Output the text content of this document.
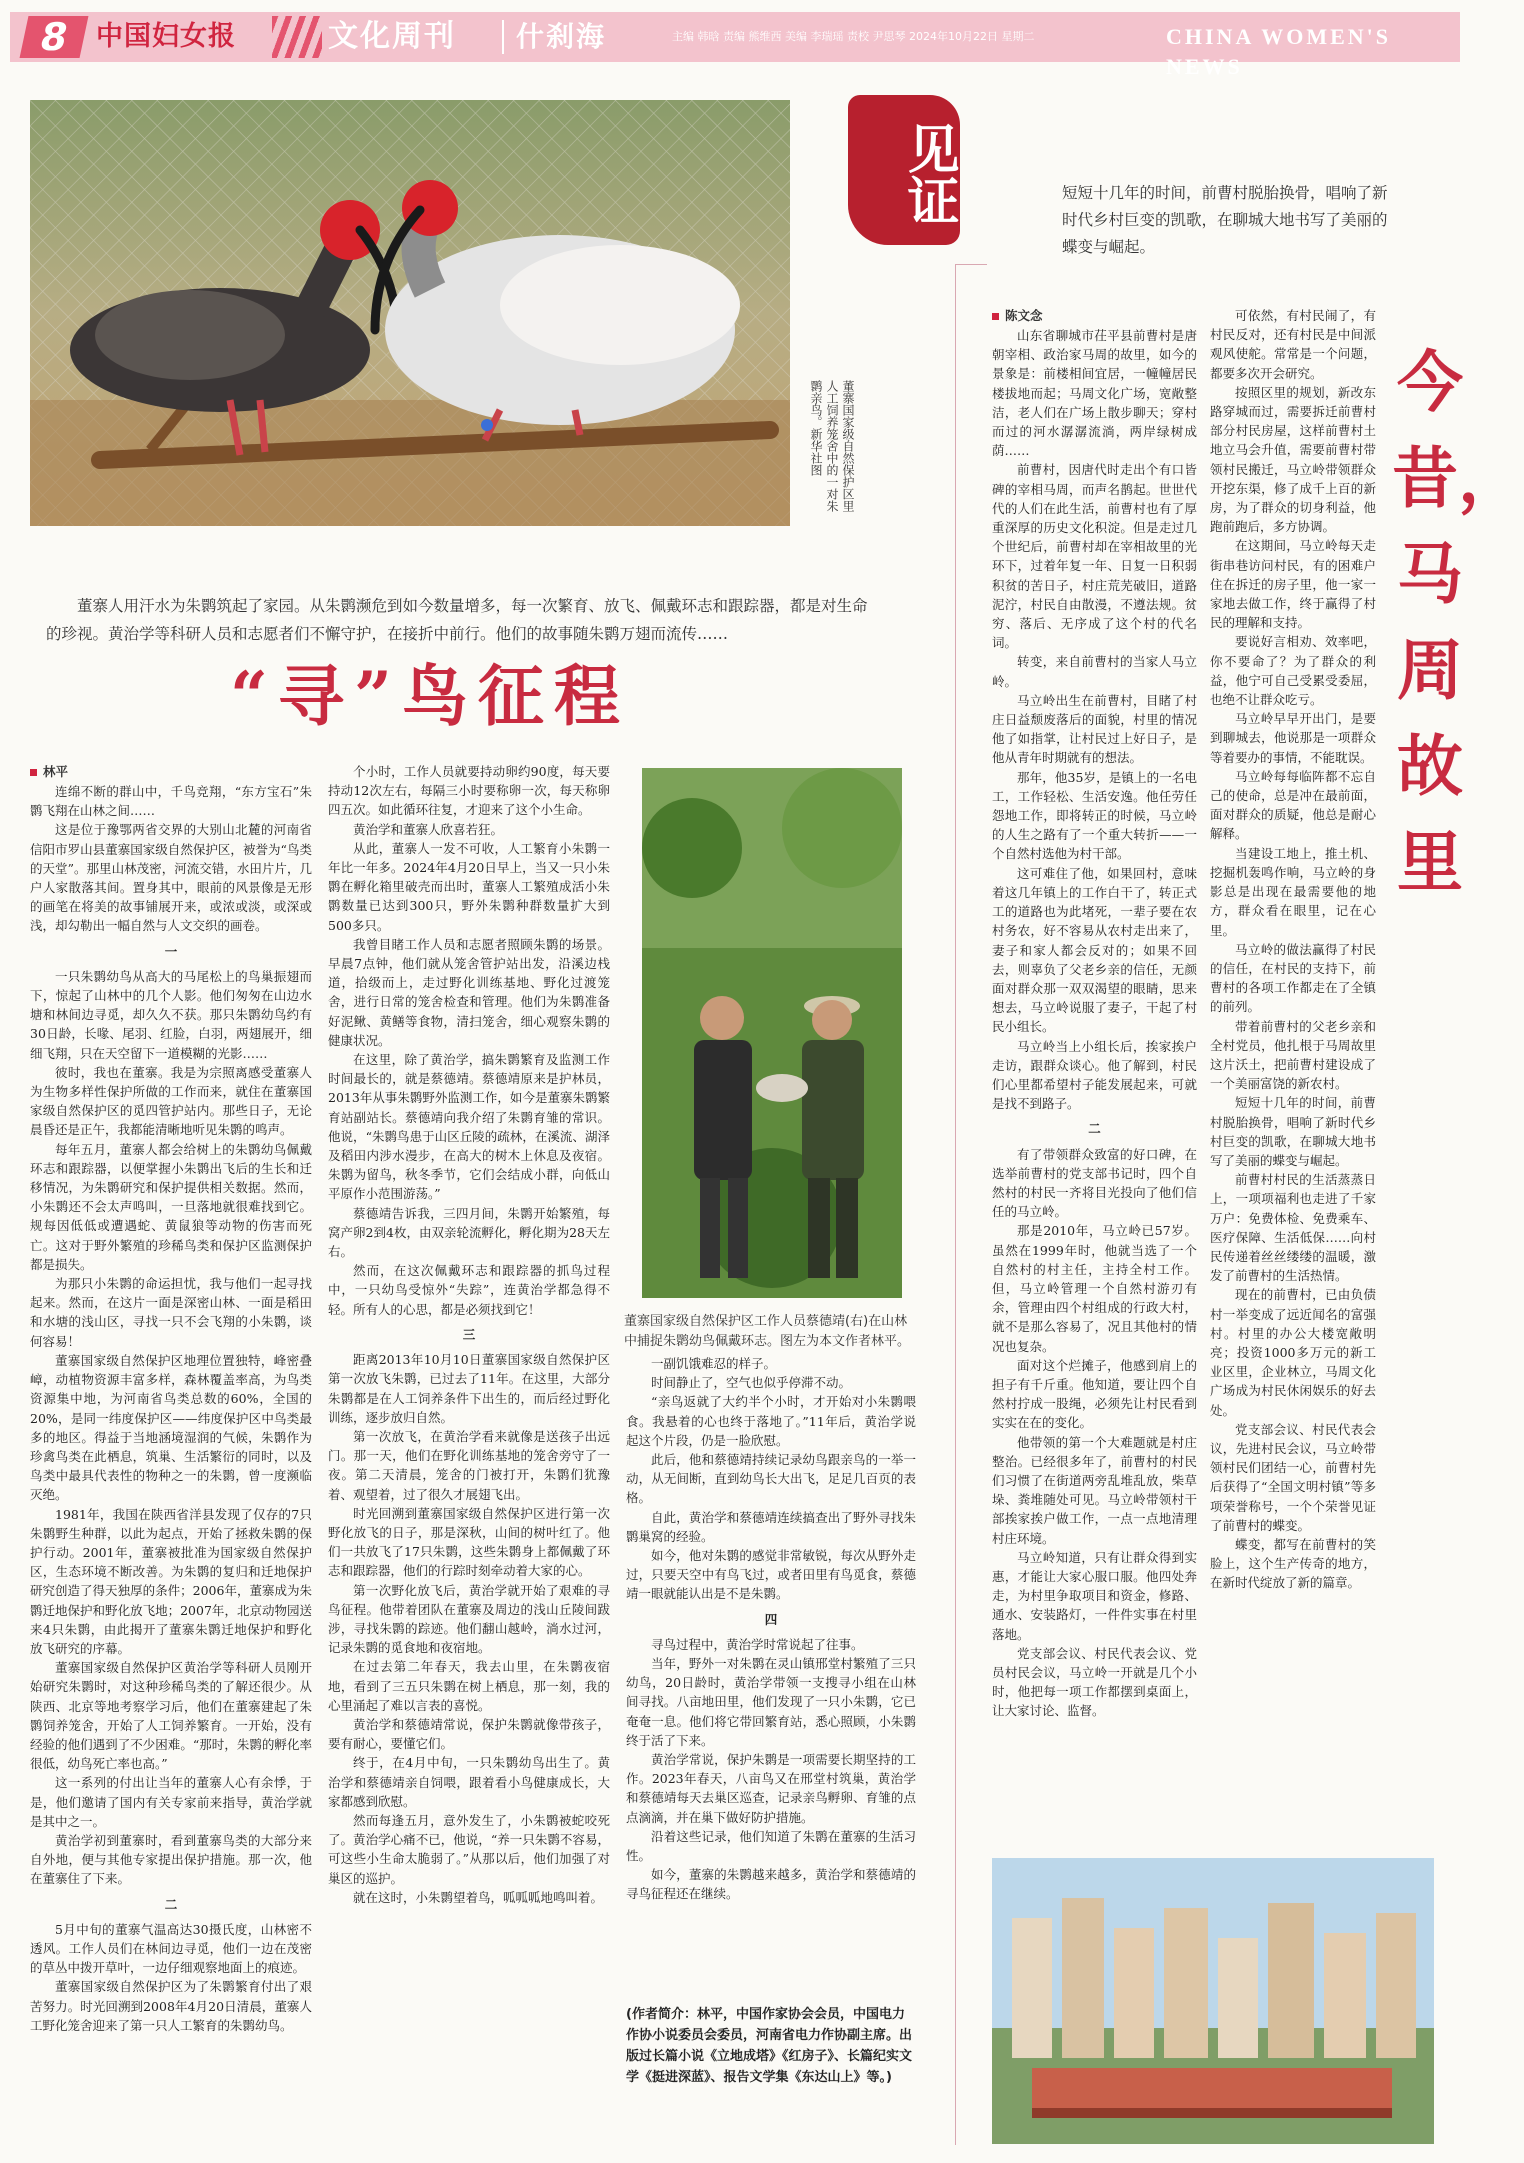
8 中国妇女报	文化周刊 什刹海	主编 韩晗 责编 熊维西 美编 李瑞瑶 责校 尹思琴 2024年10月22日 星期二	CHINA WOMEN'S NEWS
董寨国家级自然保护区里人工饲养笼舍中的一对朱鹮亲鸟。新华社图
董寨人用汗水为朱鹮筑起了家园。从朱鹮濒危到如今数量增多，每一次繁育、放飞、佩戴环志和跟踪器，都是对生命的珍视。黄治学等科研人员和志愿者们不懈守护，在接折中前行。他们的故事随朱鹮万翅而流传……
“寻”鸟征程
林平

连绵不断的群山中，千鸟竞翔，“东方宝石”朱鹮飞翔在山林之间……

这是位于豫鄂两省交界的大别山北麓的河南省信阳市罗山县董寨国家级自然保护区，被誉为“鸟类的天堂”。那里山林茂密，河流交错，水田片片，几户人家散落其间。置身其中，眼前的风景像是无形的画笔在将美的故事铺展开来，或浓或淡，或深或浅，却勾勒出一幅自然与人文交织的画卷。

一

一只朱鹮幼鸟从高大的马尾松上的鸟巢振翅而下，惊起了山林中的几个人影。他们匆匆在山边水塘和林间边寻觅，却久久不获。那只朱鹮幼鸟约有30日龄，长喙、尾羽、红脸，白羽，两翅展开，细细飞翔，只在天空留下一道模糊的光影……

彼时，我也在董寨。我是为宗照离感受董寨人为生物多样性保护所做的工作而来，就住在董寨国家级自然保护区的觅四管护站内。那些日子，无论晨昏还是正午，我都能清晰地听见朱鹮的鸣声。

每年五月，董寨人都会给树上的朱鹮幼鸟佩戴环志和跟踪器，以便掌握小朱鹮出飞后的生长和迁移情况，为朱鹮研究和保护提供相关数据。然而，小朱鹮还不会太声鸣叫，一旦落地就很难找到它。规每因低低或遭遇蛇、黄鼠狼等动物的伤害而死亡。这对于野外繁殖的珍稀鸟类和保护区监测保护都是损失。

为那只小朱鹮的命运担忧，我与他们一起寻找起来。然而，在这片一面是深密山林、一面是稻田和水塘的浅山区，寻找一只不会飞翔的小朱鹮，谈何容易！

董寨国家级自然保护区地理位置独特，峰密叠嶂，动植物资源丰富多样，森林覆盖率高，为鸟类资源集中地，为河南省鸟类总数的60%，全国的20%，是同一纬度保护区——纬度保护区中鸟类最多的地区。得益于当地涵境湿润的气候，朱鹮作为珍禽鸟类在此栖息，筑巢、生活繁衍的同时，以及鸟类中最具代表性的物种之一的朱鹮，曾一度濒临灭绝。

1981年，我国在陕西省洋县发现了仅存的7只朱鹮野生种群，以此为起点，开始了拯救朱鹮的保护行动。2001年，董寨被批准为国家级自然保护区，生态环境不断改善。为朱鹮的复归和迁地保护研究创造了得天独厚的条件；2006年，董寨成为朱鹮迁地保护和野化放飞地；2007年，北京动物园送来4只朱鹮，由此揭开了董寨朱鹮迁地保护和野化放飞研究的序幕。

董寨国家级自然保护区黄治学等科研人员刚开始研究朱鹮时，对这种珍稀鸟类的了解还很少。从陕西、北京等地考察学习后，他们在董寨建起了朱鹮饲养笼舍，开始了人工饲养繁育。一开始，没有经验的他们遇到了不少困难。“那时，朱鹮的孵化率很低，幼鸟死亡率也高。”

这一系列的付出让当年的董寨人心有余悸，于是，他们邀请了国内有关专家前来指导，黄治学就是其中之一。

黄治学初到董寨时，看到董寨鸟类的大部分来自外地，便与其他专家提出保护措施。那一次，他在董寨住了下来。

二

5月中旬的董寨气温高达30摄氏度，山林密不透风。工作人员们在林间边寻觅，他们一边在茂密的草丛中拨开草叶，一边仔细观察地面上的痕迹。

董寨国家级自然保护区为了朱鹮繁育付出了艰苦努力。时光回溯到2008年4月20日清晨，董寨人工野化笼舍迎来了第一只人工繁育的朱鹮幼鸟。

个小时，工作人员就要持动卵约90度，每天要持动12次左右，每隔三小时要称卵一次，每天称卵四五次。如此循环往复，才迎来了这个小生命。

黄治学和董寨人欣喜若狂。

从此，董寨人一发不可收，人工繁育小朱鹮一年比一年多。2024年4月20日早上，当又一只小朱鹮在孵化箱里破壳而出时，董寨人工繁殖成活小朱鹮数量已达到300只，野外朱鹮种群数量扩大到500多只。

我曾目睹工作人员和志愿者照顾朱鹮的场景。早晨7点钟，他们就从笼舍管护站出发，沿溪边栈道，拾级而上，走过野化训练基地、野化过渡笼舍，进行日常的笼舍检查和管理。他们为朱鹮准备好泥鳅、黄鳝等食物，清扫笼舍，细心观察朱鹮的健康状况。

在这里，除了黄治学，搞朱鹮繁育及监测工作时间最长的，就是蔡德靖。蔡德靖原来是护林员，2013年从事朱鹮野外监测工作，如今是董寨朱鹮繁育站副站长。蔡德靖向我介绍了朱鹮育雏的常识。他说，“朱鹮鸟患于山区丘陵的疏林，在溪流、湖泽及稻田内涉水漫步，在高大的树木上休息及夜宿。朱鹮为留鸟，秋冬季节，它们会结成小群，向低山平原作小范围游荡。”

蔡德靖告诉我，三四月间，朱鹮开始繁殖，每窝产卵2到4枚，由双亲轮流孵化，孵化期为28天左右。

然而，在这次佩戴环志和跟踪器的抓鸟过程中，一只幼鸟受惊外“失踪”，连黄治学都急得不轻。所有人的心思，都是必须找到它！

三

距离2013年10月10日董寨国家级自然保护区第一次放飞朱鹮，已过去了11年。在这里，大部分朱鹮都是在人工饲养条件下出生的，而后经过野化训练，逐步放归自然。

第一次放飞，在黄治学看来就像是送孩子出远门。那一天，他们在野化训练基地的笼舍旁守了一夜。第二天清晨，笼舍的门被打开，朱鹮们犹豫着、观望着，过了很久才展翅飞出。

时光回溯到董寨国家级自然保护区进行第一次野化放飞的日子，那是深秋，山间的树叶红了。他们一共放飞了17只朱鹮，这些朱鹮身上都佩戴了环志和跟踪器，他们的行踪时刻牵动着大家的心。

第一次野化放飞后，黄治学就开始了艰难的寻鸟征程。他带着团队在董寨及周边的浅山丘陵间跋涉，寻找朱鹮的踪迹。他们翻山越岭，淌水过河，记录朱鹮的觅食地和夜宿地。

在过去第二年春天，我去山里，在朱鹮夜宿地，看到了三五只朱鹮在树上栖息，那一刻，我的心里涌起了难以言表的喜悦。

黄治学和蔡德靖常说，保护朱鹮就像带孩子，要有耐心，要懂它们。

终于，在4月中旬，一只朱鹮幼鸟出生了。黄治学和蔡德靖亲自饲喂，跟着看小鸟健康成长，大家都感到欣慰。

然而每逢五月，意外发生了，小朱鹮被蛇咬死了。黄治学心痛不已，他说，“养一只朱鹮不容易，可这些小生命太脆弱了。”从那以后，他们加强了对巢区的巡护。

就在这时，小朱鹮望着鸟，呱呱呱地鸣叫着。

董寨国家级自然保护区工作人员蔡德靖(右)在山林中捕捉朱鹮幼鸟佩戴环志。图左为本文作者林平。

一副饥饿难忍的样子。

时间静止了，空气也似乎停滞不动。

“亲鸟返就了大约半个小时，才开始对小朱鹮喂食。我悬着的心也终于落地了。”11年后，黄治学说起这个片段，仍是一脸欣慰。

此后，他和蔡德靖持续记录幼鸟跟亲鸟的一举一动，从无间断，直到幼鸟长大出飞，足足几百页的表格。

自此，黄治学和蔡德靖连续搞查出了野外寻找朱鹮巢窝的经验。

如今，他对朱鹮的感觉非常敏锐，每次从野外走过，只要天空中有鸟飞过，或者田里有鸟觅食，蔡德靖一眼就能认出是不是朱鹮。

四

寻鸟过程中，黄治学时常说起了往事。

当年，野外一对朱鹮在灵山镇邢堂村繁殖了三只幼鸟，20日龄时，黄治学带领一支搜寻小组在山林间寻找。八亩地田里，他们发现了一只小朱鹮，它已奄奄一息。他们将它带回繁育站，悉心照顾，小朱鹮终于活了下来。

黄治学常说，保护朱鹮是一项需要长期坚持的工作。2023年春天，八亩鸟又在邢堂村筑巢，黄治学和蔡德靖每天去巢区巡查，记录亲鸟孵卵、育雏的点点滴滴，并在巢下做好防护措施。

沿着这些记录，他们知道了朱鹮在董寨的生活习性。

如今，董寨的朱鹮越来越多，黄治学和蔡德靖的寻鸟征程还在继续。

(作者简介：林平，中国作家协会会员，中国电力作协小说委员会委员，河南省电力作协副主席。出版过长篇小说《立地成塔》《红房子》、长篇纪实文学《挺进深蓝》、报告文学集《东达山上》等。)
见证	短短十几年的时间，前曹村脱胎换骨，唱响了新时代乡村巨变的凯歌，在聊城大地书写了美丽的蝶变与崛起。
今昔，马周故里
陈文念

山东省聊城市茌平县前曹村是唐朝宰相、政治家马周的故里，如今的景象是：前楼相间宜居，一幢幢居民楼拔地而起；马周文化广场，宽敞整洁，老人们在广场上散步聊天；穿村而过的河水潺潺流淌，两岸绿树成荫……

前曹村，因唐代时走出个有口皆碑的宰相马周，而声名鹊起。世世代代的人们在此生活，前曹村也有了厚重深厚的历史文化积淀。但是走过几个世纪后，前曹村却在宰相故里的光环下，过着年复一年、日复一日积弱积贫的苦日子，村庄荒芜破旧，道路泥泞，村民自由散漫，不遵法规。贫穷、落后、无序成了这个村的代名词。

转变，来自前曹村的当家人马立岭。

马立岭出生在前曹村，目睹了村庄日益颓废落后的面貌，村里的情况他了如指掌，让村民过上好日子，是他从青年时期就有的想法。

那年，他35岁，是镇上的一名电工，工作轻松、生活安逸。他任劳任怨地工作，即将转正的时候，马立岭的人生之路有了一个重大转折——一个自然村选他为村干部。

这可难住了他，如果回村，意味着这几年镇上的工作白干了，转正式工的道路也为此堵死，一辈子要在农村务农，好不容易从农村走出来了，妻子和家人都会反对的；如果不回去，则辜负了父老乡亲的信任，无颜面对群众那一双双渴望的眼睛，思来想去，马立岭说服了妻子，干起了村民小组长。

马立岭当上小组长后，挨家挨户走访，跟群众谈心。他了解到，村民们心里都希望村子能发展起来，可就是找不到路子。

二

有了带领群众致富的好口碑，在选举前曹村的党支部书记时，四个自然村的村民一齐将目光投向了他们信任的马立岭。

那是2010年，马立岭已57岁。虽然在1999年时，他就当选了一个自然村的村主任，主持全村工作。但，马立岭管理一个自然村游刃有余，管理由四个村组成的行政大村，就不是那么容易了，况且其他村的情况也复杂。

面对这个烂摊子，他感到肩上的担子有千斤重。他知道，要让四个自然村拧成一股绳，必须先让村民看到实实在在的变化。

他带领的第一个大难题就是村庄整治。已经很多年了，前曹村的村民们习惯了在街道两旁乱堆乱放，柴草垛、粪堆随处可见。马立岭带领村干部挨家挨户做工作，一点一点地清理村庄环境。

马立岭知道，只有让群众得到实惠，才能让大家心服口服。他四处奔走，为村里争取项目和资金，修路、通水、安装路灯，一件件实事在村里落地。

党支部会议、村民代表会议、党员村民会议，马立岭一开就是几个小时，他把每一项工作都摆到桌面上，让大家讨论、监督。

可依然，有村民闹了，有村民反对，还有村民是中间派观风使舵。常常是一个问题，都要多次开会研究。

按照区里的规划，新改东路穿城而过，需要拆迁前曹村部分村民房屋，这样前曹村土地立马会升值，需要前曹村带领村民搬迁，马立岭带领群众开挖东渠，修了成千上百的新房，为了群众的切身利益，他跑前跑后，多方协调。

在这期间，马立岭每天走街串巷访问村民，有的困难户住在拆迁的房子里，他一家一家地去做工作，终于赢得了村民的理解和支持。

要说好言相劝、效率吧，你不要命了？为了群众的利益，他宁可自己受累受委屈，也绝不让群众吃亏。

马立岭早早开出门，是要到聊城去，他说那是一项群众等着要办的事情，不能耽误。

马立岭每每临阵都不忘自己的使命，总是冲在最前面，面对群众的质疑，他总是耐心解释。

当建设工地上，推土机、挖掘机轰鸣作响，马立岭的身影总是出现在最需要他的地方，群众看在眼里，记在心里。

马立岭的做法赢得了村民的信任，在村民的支持下，前曹村的各项工作都走在了全镇的前列。

带着前曹村的父老乡亲和全村党员，他扎根于马周故里这片沃土，把前曹村建设成了一个美丽富饶的新农村。

短短十几年的时间，前曹村脱胎换骨，唱响了新时代乡村巨变的凯歌，在聊城大地书写了美丽的蝶变与崛起。

前曹村村民的生活蒸蒸日上，一项项福利也走进了千家万户：免费体检、免费乘车、医疗保障、生活低保……向村民传递着丝丝缕缕的温暖，激发了前曹村的生活热情。

现在的前曹村，已由负债村一举变成了远近闻名的富强村。村里的办公大楼宽敞明亮；投资1000多万元的新工业区里，企业林立，马周文化广场成为村民休闲娱乐的好去处。

党支部会议、村民代表会议，先进村民会议，马立岭带领村民们团结一心，前曹村先后获得了“全国文明村镇”等多项荣誉称号，一个个荣誉见证了前曹村的蝶变。

蝶变，都写在前曹村的笑脸上，这个生产传奇的地方，在新时代绽放了新的篇章。
